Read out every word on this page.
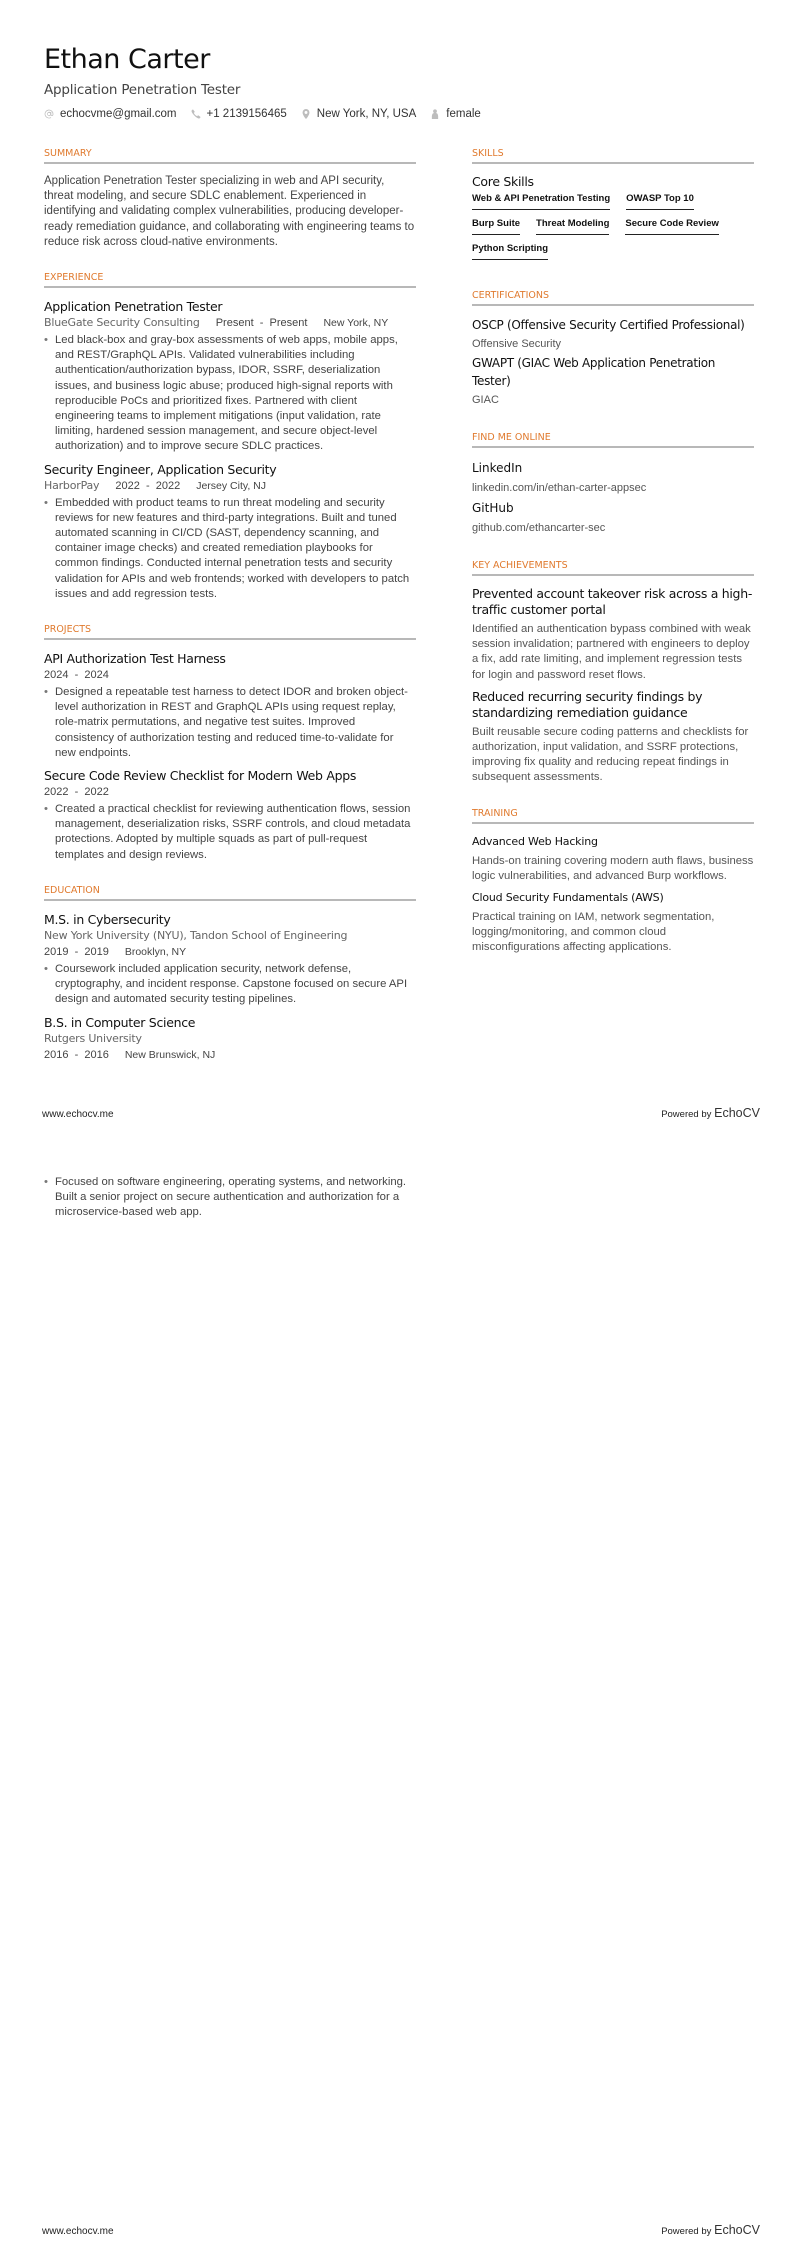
Ethan Carter
Application Penetration Tester
echocvme@gmail.com	+1 2139156465	New York, NY, USA	female
SUMMARY

Application Penetration Tester specializing in web and API security, threat modeling, and secure SDLC enablement. Experienced in identifying and validating complex vulnerabilities, producing developer-ready remediation guidance, and collaborating with engineering teams to reduce risk across cloud-native environments.

EXPERIENCE
Application Penetration Tester
BlueGate Security Consulting Present  -  Present New York, NY
• Led black-box and gray-box assessments of web apps, mobile apps, and REST/GraphQL APIs. Validated vulnerabilities including authentication/authorization bypass, IDOR, SSRF, deserialization issues, and business logic abuse; produced high-signal reports with reproducible PoCs and prioritized fixes. Partnered with client engineering teams to implement mitigations (input validation, rate limiting, hardened session management, and secure object-level authorization) and to improve secure SDLC practices.
Security Engineer, Application Security
HarborPay 2022  -  2022 Jersey City, NJ
• Embedded with product teams to run threat modeling and security reviews for new features and third-party integrations. Built and tuned automated scanning in CI/CD (SAST, dependency scanning, and container image checks) and created remediation playbooks for common findings. Conducted internal penetration tests and security validation for APIs and web frontends; worked with developers to patch issues and add regression tests.
PROJECTS
API Authorization Test Harness
2024  -  2024
• Designed a repeatable test harness to detect IDOR and broken object-level authorization in REST and GraphQL APIs using request replay, role-matrix permutations, and negative test suites. Improved consistency of authorization testing and reduced time-to-validate for new endpoints.
Secure Code Review Checklist for Modern Web Apps
2022  -  2022
• Created a practical checklist for reviewing authentication flows, session management, deserialization risks, SSRF controls, and cloud metadata protections. Adopted by multiple squads as part of pull-request templates and design reviews.
EDUCATION
M.S. in Cybersecurity
New York University (NYU), Tandon School of Engineering
2019  -  2019 Brooklyn, NY
• Coursework included application security, network defense, cryptography, and incident response. Capstone focused on secure API design and automated security testing pipelines.
B.S. in Computer Science
Rutgers University
2016  -  2016 New Brunswick, NJ
SKILLS
Core Skills
Web & API Penetration Testing OWASP Top 10
Burp Suite Threat Modeling Secure Code Review
Python Scripting
CERTIFICATIONS
OSCP (Offensive Security Certified Professional)
Offensive Security
GWAPT (GIAC Web Application Penetration Tester)
GIAC
FIND ME ONLINE
LinkedIn
linkedin.com/in/ethan-carter-appsec
GitHub
github.com/ethancarter-sec
KEY ACHIEVEMENTS
Prevented account takeover risk across a high-traffic customer portal
Identified an authentication bypass combined with weak session invalidation; partnered with engineers to deploy a fix, add rate limiting, and implement regression tests for login and password reset flows.
Reduced recurring security findings by standardizing remediation guidance
Built reusable secure coding patterns and checklists for authorization, input validation, and SSRF protections, improving fix quality and reducing repeat findings in subsequent assessments.
TRAINING
Advanced Web Hacking
Hands-on training covering modern auth flaws, business logic vulnerabilities, and advanced Burp workflows.
Cloud Security Fundamentals (AWS)
Practical training on IAM, network segmentation, logging/monitoring, and common cloud misconfigurations affecting applications.
www.echocv.me	Powered by EchoCV
• Focused on software engineering, operating systems, and networking. Built a senior project on secure authentication and authorization for a microservice-based web app.
www.echocv.me	Powered by EchoCV
